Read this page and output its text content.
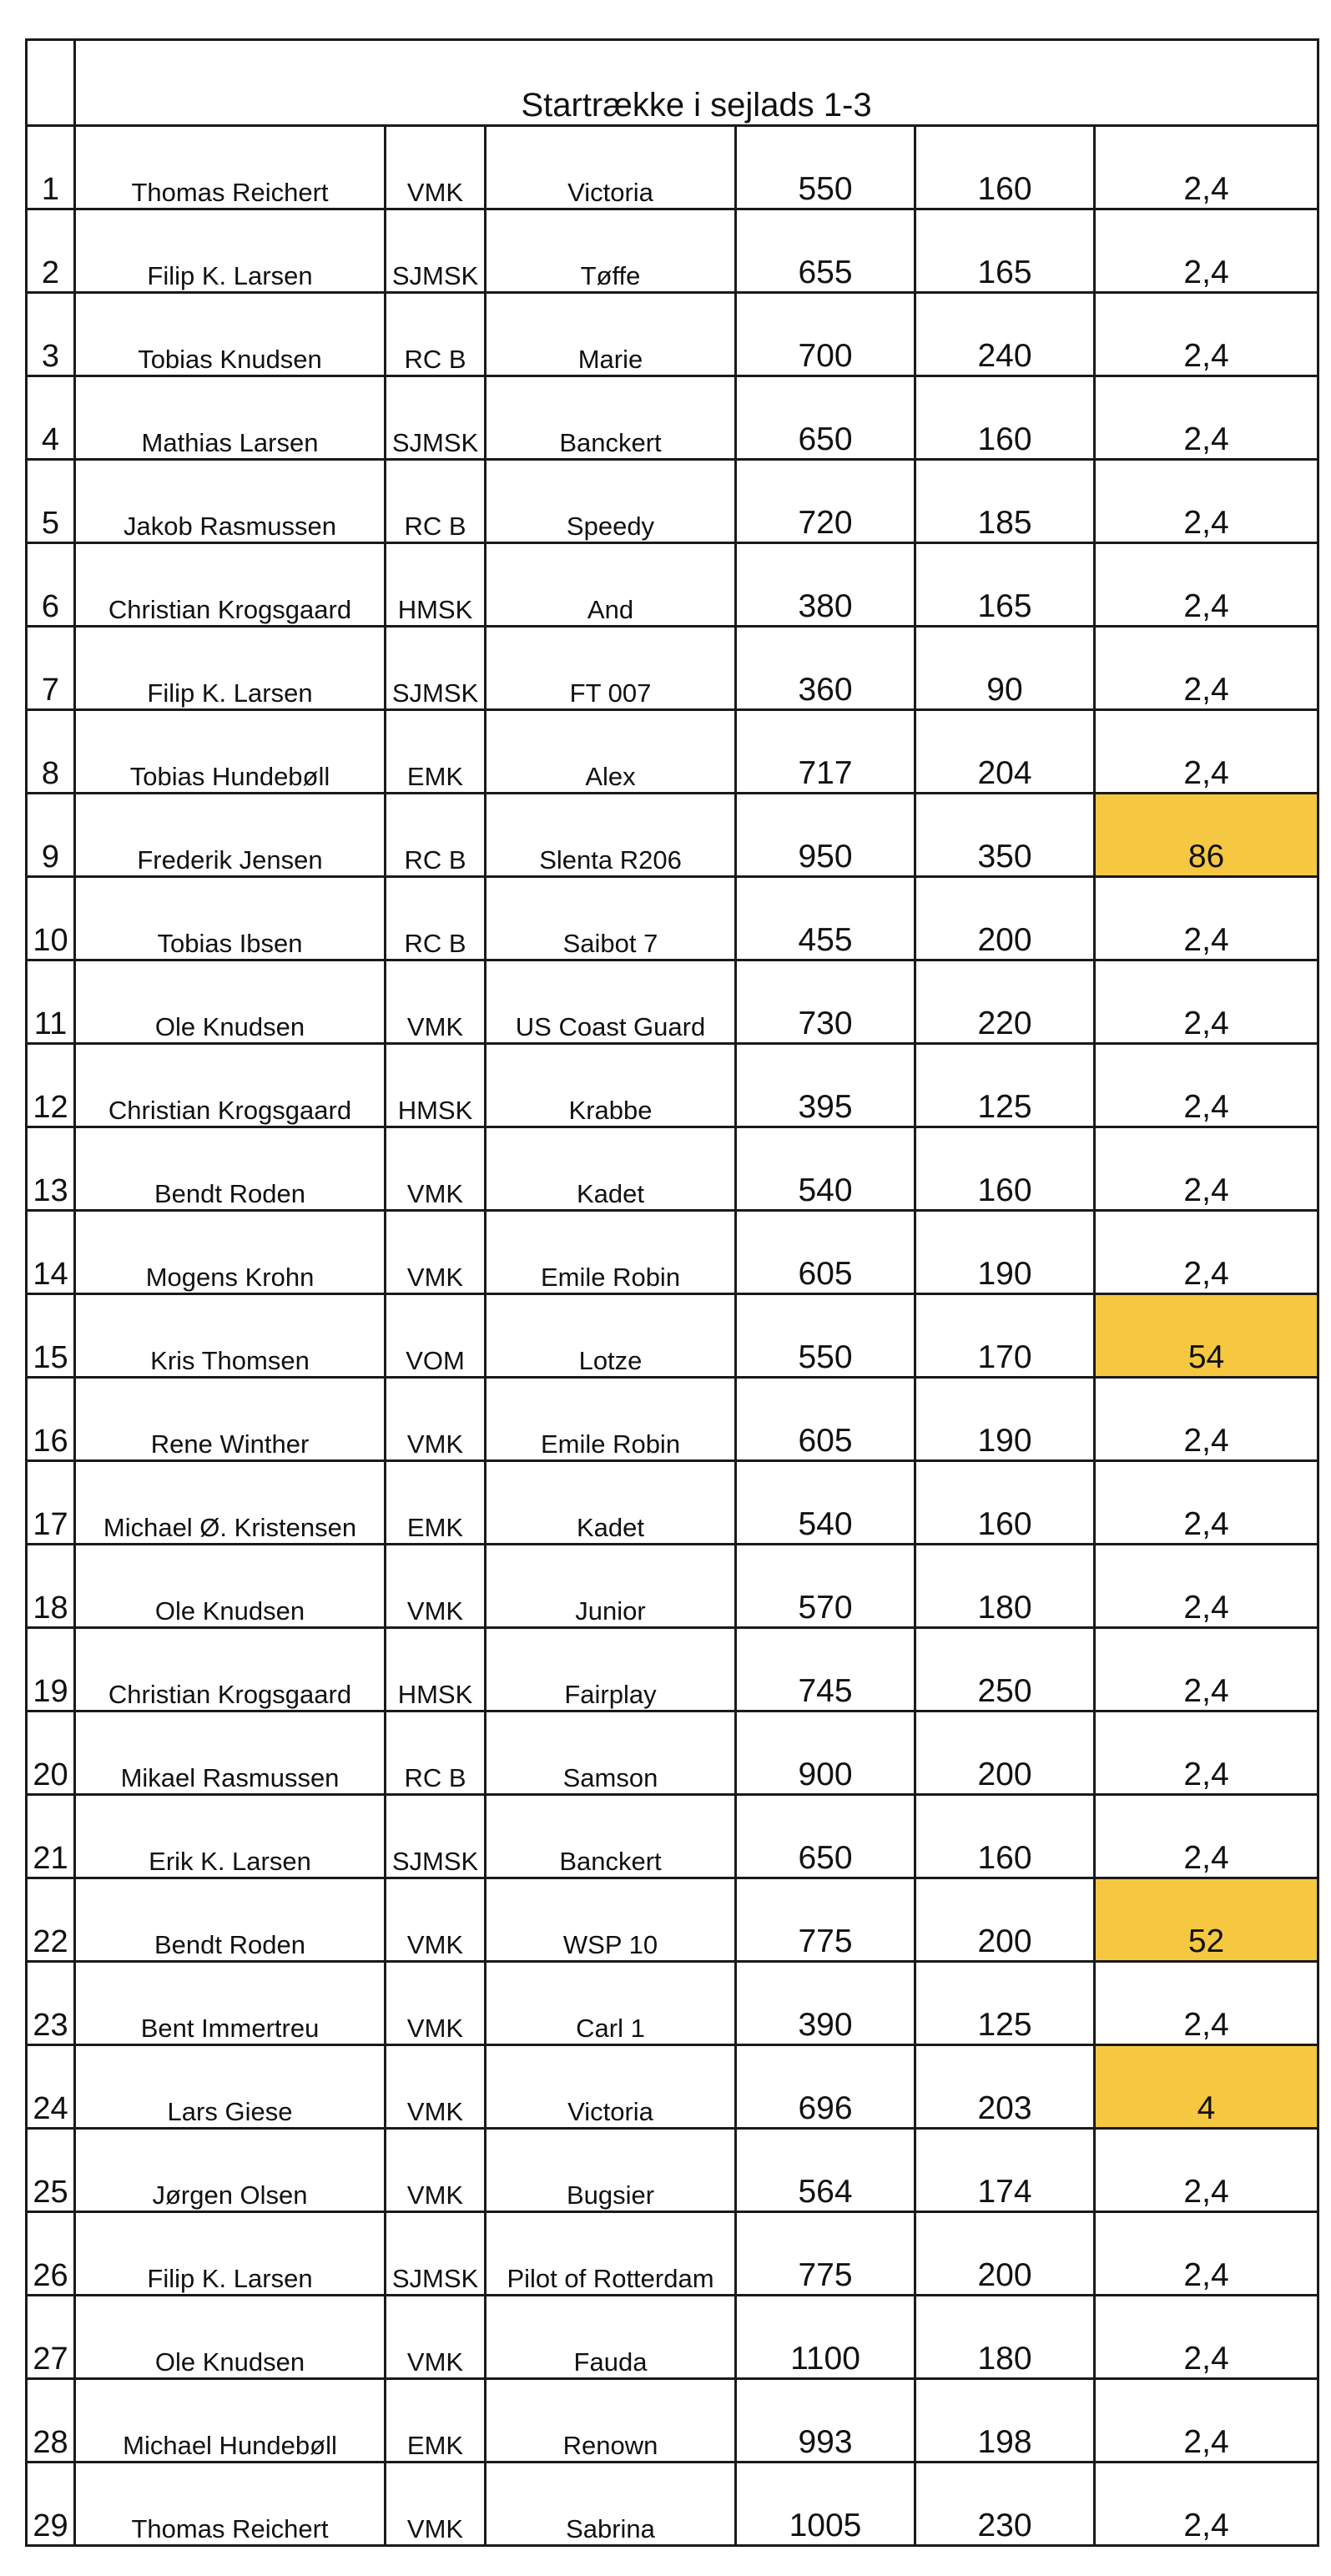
	Startrække i sejlads 1-3					
1	Thomas Reichert	VMK	Victoria	550	160	2,4
2	Filip K. Larsen	SJMSK	Tøffe	655	165	2,4
3	Tobias Knudsen	RC B	Marie	700	240	2,4
4	Mathias Larsen	SJMSK	Banckert	650	160	2,4
5	Jakob Rasmussen	RC B	Speedy	720	185	2,4
6	Christian Krogsgaard	HMSK	And	380	165	2,4
7	Filip K. Larsen	SJMSK	FT 007	360	90	2,4
8	Tobias Hundebøll	EMK	Alex	717	204	2,4
9	Frederik Jensen	RC B	Slenta R206	950	350	86
10	Tobias Ibsen	RC B	Saibot 7	455	200	2,4
11	Ole Knudsen	VMK	US Coast Guard	730	220	2,4
12	Christian Krogsgaard	HMSK	Krabbe	395	125	2,4
13	Bendt Roden	VMK	Kadet	540	160	2,4
14	Mogens Krohn	VMK	Emile Robin	605	190	2,4
15	Kris Thomsen	VOM	Lotze	550	170	54
16	Rene Winther	VMK	Emile Robin	605	190	2,4
17	Michael Ø. Kristensen	EMK	Kadet	540	160	2,4
18	Ole Knudsen	VMK	Junior	570	180	2,4
19	Christian Krogsgaard	HMSK	Fairplay	745	250	2,4
20	Mikael Rasmussen	RC B	Samson	900	200	2,4
21	Erik K. Larsen	SJMSK	Banckert	650	160	2,4
22	Bendt Roden	VMK	WSP 10	775	200	52
23	Bent Immertreu	VMK	Carl 1	390	125	2,4
24	Lars Giese	VMK	Victoria	696	203	4
25	Jørgen Olsen	VMK	Bugsier	564	174	2,4
26	Filip K. Larsen	SJMSK	Pilot of Rotterdam	775	200	2,4
27	Ole Knudsen	VMK	Fauda	1100	180	2,4
28	Michael Hundebøll	EMK	Renown	993	198	2,4
29	Thomas Reichert	VMK	Sabrina	1005	230	2,4
